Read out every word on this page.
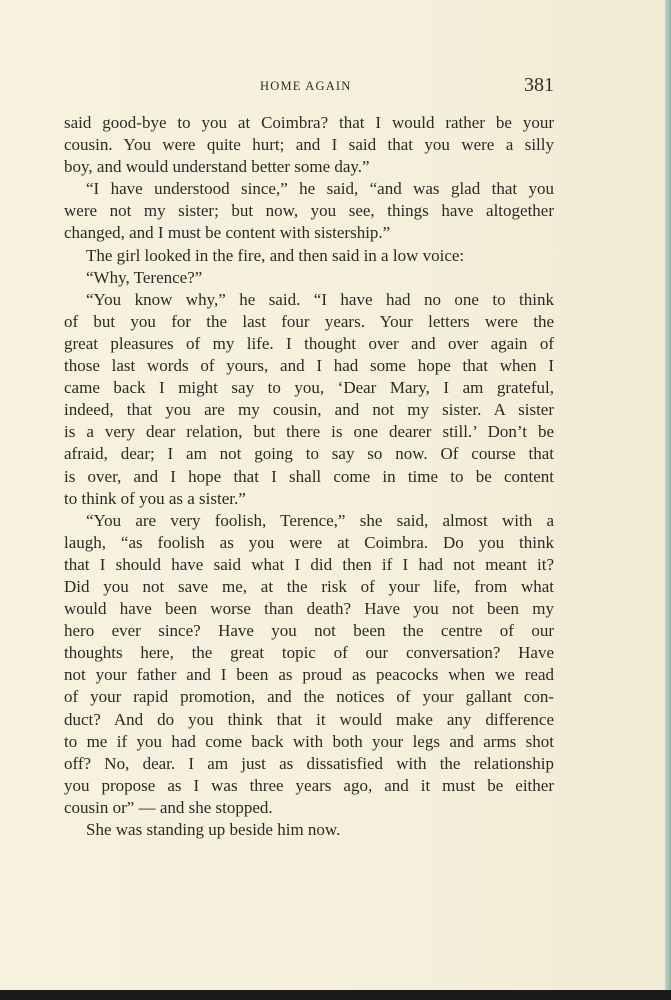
HOME AGAIN	381
said good-bye to you at Coimbra? that I would rather be your
cousin. You were quite hurt; and I said that you were a silly
boy, and would understand better some day.”
“I have understood since,” he said, “and was glad that you
were not my sister; but now, you see, things have altogether
changed, and I must be content with sistership.”
The girl looked in the fire, and then said in a low voice:
“Why, Terence?”
“You know why,” he said. “I have had no one to think
of but you for the last four years. Your letters were the
great pleasures of my life. I thought over and over again of
those last words of yours, and I had some hope that when I
came back I might say to you, ‘Dear Mary, I am grateful,
indeed, that you are my cousin, and not my sister. A sister
is a very dear relation, but there is one dearer still.’ Don’t be
afraid, dear; I am not going to say so now. Of course that
is over, and I hope that I shall come in time to be content
to think of you as a sister.”
“You are very foolish, Terence,” she said, almost with a
laugh, “as foolish as you were at Coimbra. Do you think
that I should have said what I did then if I had not meant it?
Did you not save me, at the risk of your life, from what
would have been worse than death? Have you not been my
hero ever since? Have you not been the centre of our
thoughts here, the great topic of our conversation? Have
not your father and I been as proud as peacocks when we read
of your rapid promotion, and the notices of your gallant con-
duct? And do you think that it would make any difference
to me if you had come back with both your legs and arms shot
off? No, dear. I am just as dissatisfied with the relationship
you propose as I was three years ago, and it must be either
cousin or” — and she stopped.
She was standing up beside him now.
